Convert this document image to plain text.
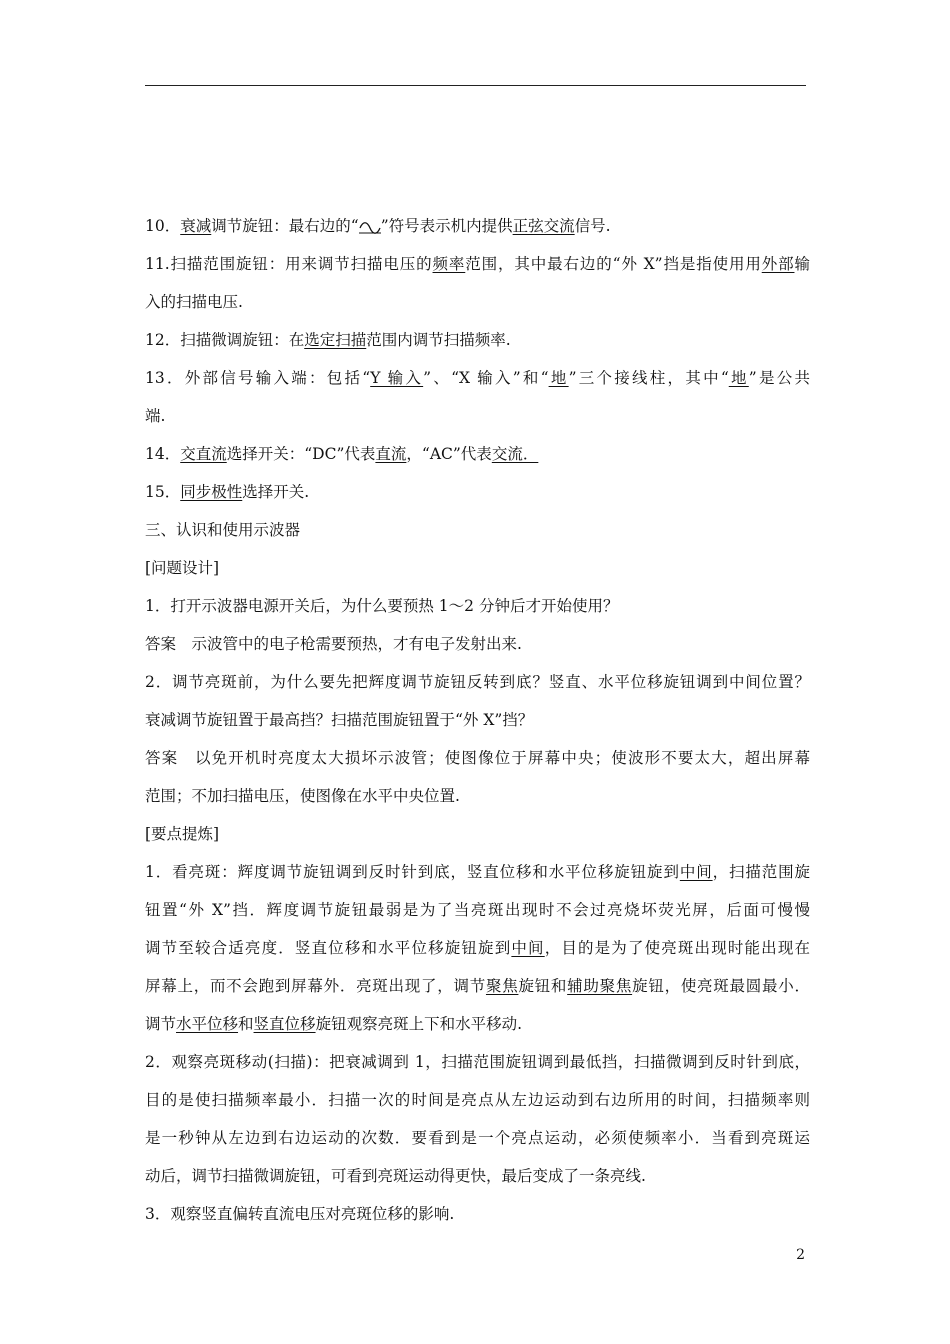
10．衰减调节旋钮：最右边的“ ”符号表示机内提供正弦交流信号.
11.扫描范围旋钮：用来调节扫描电压的频率范围，其中最右边的“外 X”挡是指使用用外部输
入的扫描电压.
12．扫描微调旋钮：在选定扫描范围内调节扫描频率.
13．外部信号输入端：包括“Y 输入”、“X 输入”和“地”三个接线柱，其中“地”是公共
端.
14．交直流选择开关：“DC”代表直流，“AC”代表交流．
15．同步极性选择开关.
三、认识和使用示波器
[问题设计]
1．打开示波器电源开关后，为什么要预热 1～2 分钟后才开始使用？
答案　示波管中的电子枪需要预热，才有电子发射出来.
2．调节亮斑前，为什么要先把辉度调节旋钮反转到底？竖直、水平位移旋钮调到中间位置？
衰减调节旋钮置于最高挡？扫描范围旋钮置于“外 X”挡？
答案　以免开机时亮度太大损坏示波管；使图像位于屏幕中央；使波形不要太大，超出屏幕
范围；不加扫描电压，使图像在水平中央位置.
[要点提炼]
1．看亮斑：辉度调节旋钮调到反时针到底，竖直位移和水平位移旋钮旋到中间，扫描范围旋
钮置“外 X”挡．辉度调节旋钮最弱是为了当亮斑出现时不会过亮烧坏荧光屏，后面可慢慢
调节至较合适亮度．竖直位移和水平位移旋钮旋到中间，目的是为了使亮斑出现时能出现在
屏幕上，而不会跑到屏幕外．亮斑出现了，调节聚焦旋钮和辅助聚焦旋钮，使亮斑最圆最小．
调节水平位移和竖直位移旋钮观察亮斑上下和水平移动.
2．观察亮斑移动(扫描)：把衰减调到 1，扫描范围旋钮调到最低挡，扫描微调到反时针到底，
目的是使扫描频率最小．扫描一次的时间是亮点从左边运动到右边所用的时间，扫描频率则
是一秒钟从左边到右边运动的次数．要看到是一个亮点运动，必须使频率小．当看到亮斑运
动后，调节扫描微调旋钮，可看到亮斑运动得更快，最后变成了一条亮线.
3．观察竖直偏转直流电压对亮斑位移的影响.
2
